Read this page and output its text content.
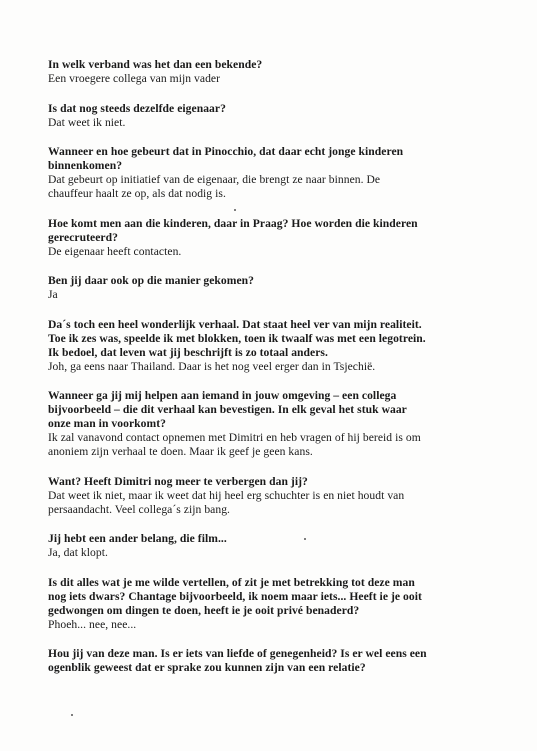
In welk verband was het dan een bekende?

Een vroegere collega van mijn vader

Is dat nog steeds dezelfde eigenaar?

Dat weet ik niet.

Wanneer en hoe gebeurt dat in Pinocchio, dat daar echt jonge kinderen

binnenkomen?

Dat gebeurt op initiatief van de eigenaar, die brengt ze naar binnen. De

chauffeur haalt ze op, als dat nodig is.

Hoe komt men aan die kinderen, daar in Praag? Hoe worden die kinderen

gerecruteerd?

De eigenaar heeft contacten.

Ben jij daar ook op die manier gekomen?

Ja

Da´s toch een heel wonderlijk verhaal. Dat staat heel ver van mijn realiteit.

Toe ik zes was, speelde ik met blokken, toen ik twaalf was met een legotrein.

Ik bedoel, dat leven wat jij beschrijft is zo totaal anders.

Joh, ga eens naar Thailand. Daar is het nog veel erger dan in Tsjechië.

Wanneer ga jij mij helpen aan iemand in jouw omgeving – een collega

bijvoorbeeld – die dit verhaal kan bevestigen. In elk geval het stuk waar

onze man in voorkomt?

Ik zal vanavond contact opnemen met Dimitri en heb vragen of hij bereid is om

anoniem zijn verhaal te doen. Maar ik geef je geen kans.

Want? Heeft Dimitri nog meer te verbergen dan jij?

Dat weet ik niet, maar ik weet dat hij heel erg schuchter is en niet houdt van

persaandacht. Veel collega´s zijn bang.

Jij hebt een ander belang, die film...

Ja, dat klopt.

Is dit alles wat je me wilde vertellen, of zit je met betrekking tot deze man

nog iets dwars? Chantage bijvoorbeeld, ik noem maar iets... Heeft ie je ooit

gedwongen om dingen te doen, heeft ie je ooit privé benaderd?

Phoeh... nee, nee...

Hou jij van deze man. Is er iets van liefde of genegenheid? Is er wel eens een

ogenblik geweest dat er sprake zou kunnen zijn van een relatie?
